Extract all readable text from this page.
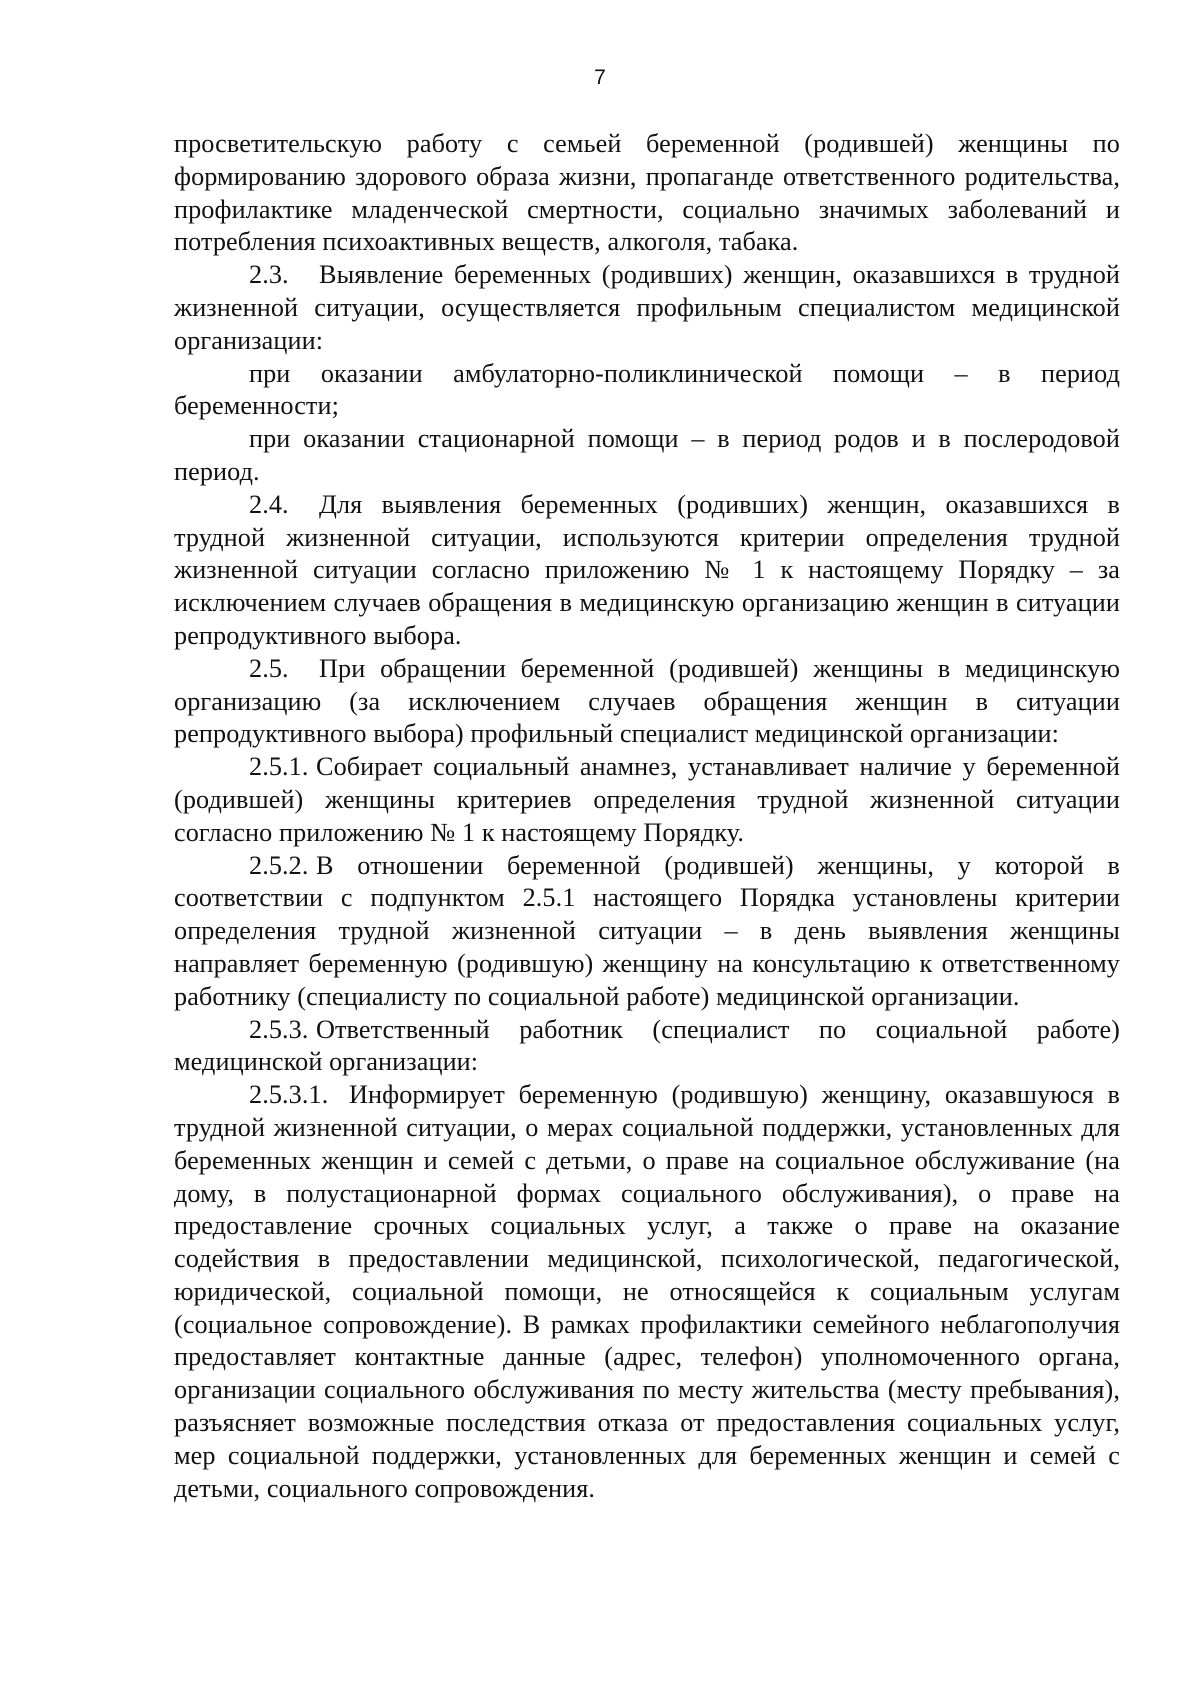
7

просветительскую работу с семьей беременной (родившей) женщины по формированию здорового образа жизни, пропаганде ответственного родительства, профилактике младенческой смертности, социально значимых заболеваний и потребления психоактивных веществ, алкоголя, табака.

2.3. Выявление беременных (родивших) женщин, оказавшихся в трудной жизненной ситуации, осуществляется профильным специалистом медицинской организации:

при оказании амбулаторно-поликлинической помощи – в период беременности;

при оказании стационарной помощи – в период родов и в послеродовой период.

2.4. Для выявления беременных (родивших) женщин, оказавшихся в трудной жизненной ситуации, используются критерии определения трудной жизненной ситуации согласно приложению № 1 к настоящему Порядку – за исключением случаев обращения в медицинскую организацию женщин в ситуации репродуктивного выбора.

2.5. При обращении беременной (родившей) женщины в медицинскую организацию (за исключением случаев обращения женщин в ситуации репродуктивного выбора) профильный специалист медицинской организации:

2.5.1. Собирает социальный анамнез, устанавливает наличие у беременной (родившей) женщины критериев определения трудной жизненной ситуации согласно приложению № 1 к настоящему Порядку.

2.5.2. В отношении беременной (родившей) женщины, у которой в соответствии с подпунктом 2.5.1 настоящего Порядка установлены критерии определения трудной жизненной ситуации – в день выявления женщины направляет беременную (родившую) женщину на консультацию к ответственному работнику (специалисту по социальной работе) медицинской организации.

2.5.3. Ответственный работник (специалист по социальной работе) медицинской организации:

2.5.3.1. Информирует беременную (родившую) женщину, оказавшуюся в трудной жизненной ситуации, о мерах социальной поддержки, установленных для беременных женщин и семей с детьми, о праве на социальное обслуживание (на дому, в полустационарной формах социального обслуживания), о праве на предоставление срочных социальных услуг, а также о праве на оказание содействия в предоставлении медицинской, психологической, педагогической, юридической, социальной помощи, не относящейся к социальным услугам (социальное сопровождение). В рамках профилактики семейного неблагополучия предоставляет контактные данные (адрес, телефон) уполномоченного органа, организации социального обслуживания по месту жительства (месту пребывания), разъясняет возможные последствия отказа от предоставления социальных услуг, мер социальной поддержки, установленных для беременных женщин и семей с детьми, социального сопровождения.
